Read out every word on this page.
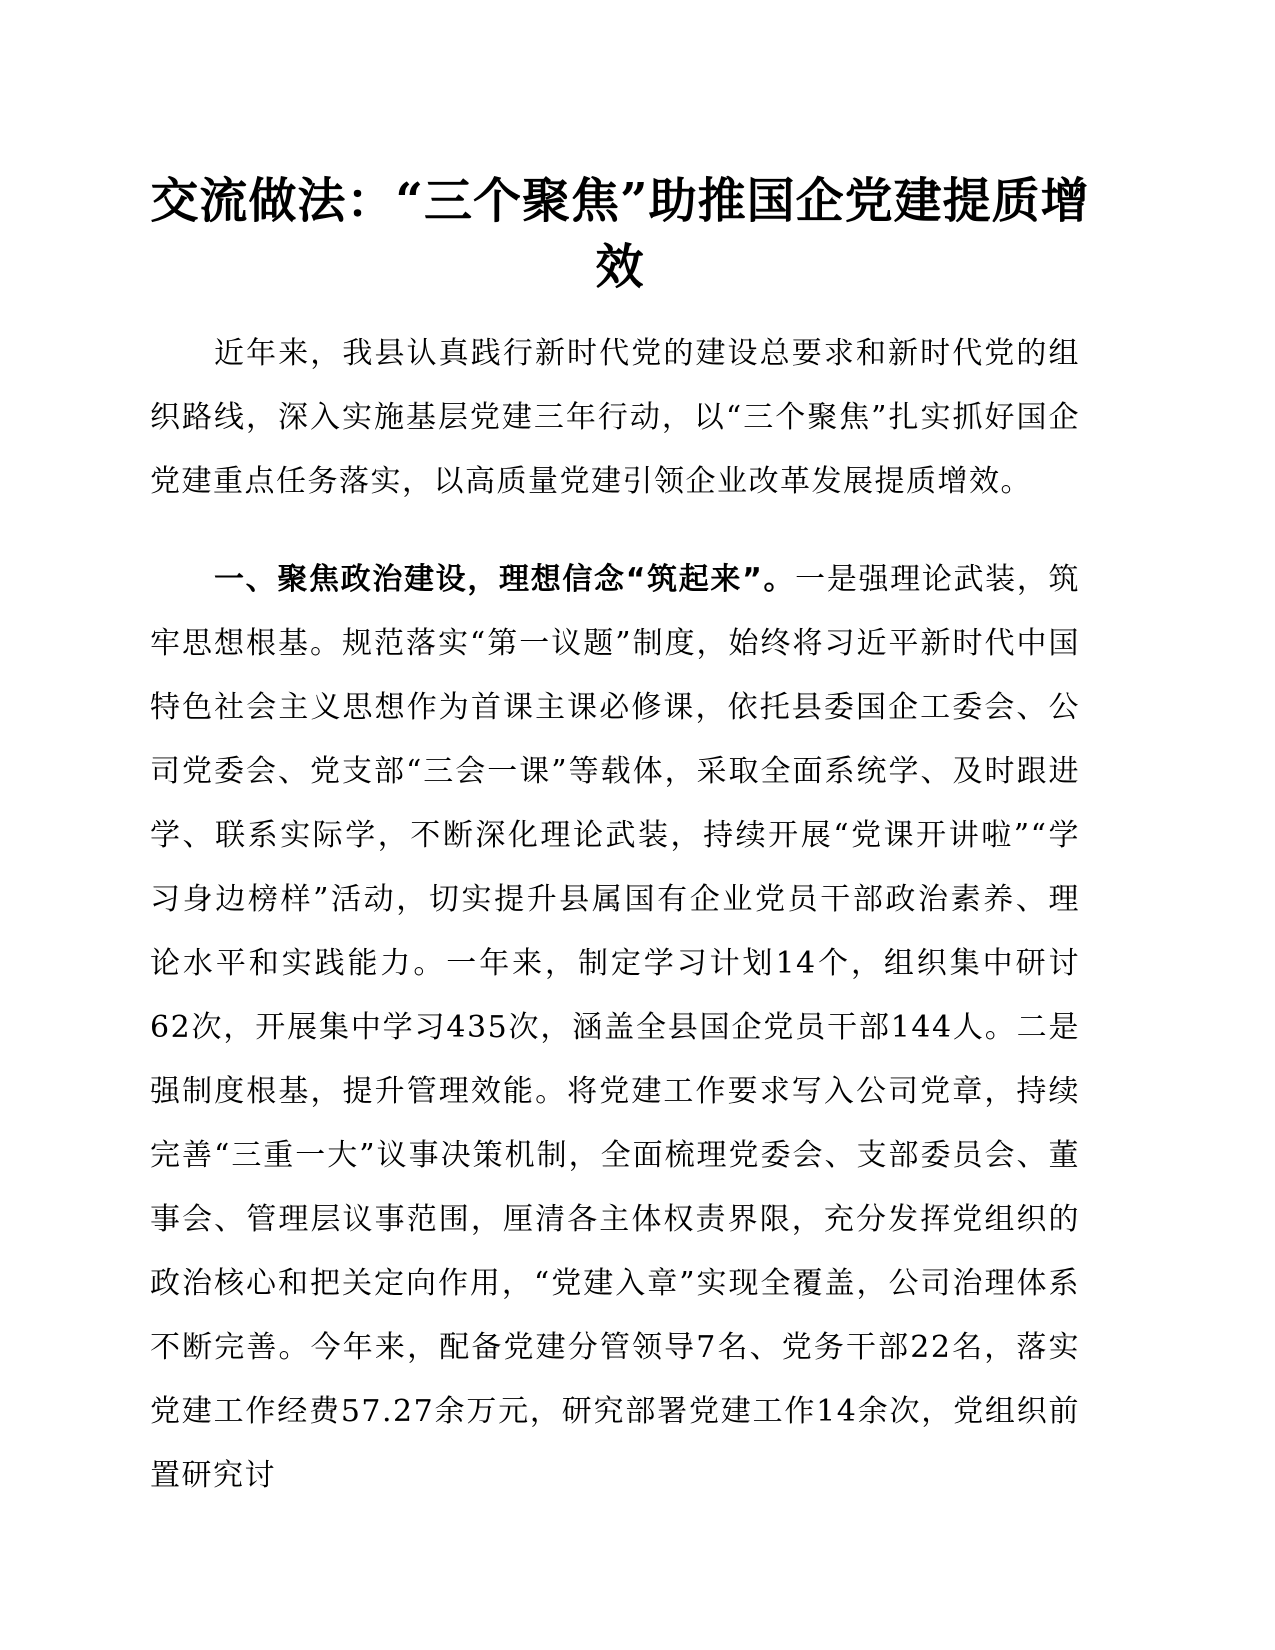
交流做法：“三个聚焦”助推国企党建提质增效

近年来，我县认真践行新时代党的建设总要求和新时代党的组织路线，深入实施基层党建三年行动，以“三个聚焦”扎实抓好国企党建重点任务落实，以高质量党建引领企业改革发展提质增效。

一、聚焦政治建设，理想信念“筑起来”。一是强理论武装，筑牢思想根基。规范落实“第一议题”制度，始终将习近平新时代中国特色社会主义思想作为首课主课必修课，依托县委国企工委会、公司党委会、党支部“三会一课”等载体，采取全面系统学、及时跟进学、联系实际学，不断深化理论武装，持续开展“党课开讲啦”“学习身边榜样”活动，切实提升县属国有企业党员干部政治素养、理论水平和实践能力。一年来，制定学习计划14个，组织集中研讨62次，开展集中学习435次，涵盖全县国企党员干部144人。二是强制度根基，提升管理效能。将党建工作要求写入公司党章，持续完善“三重一大”议事决策机制，全面梳理党委会、支部委员会、董事会、管理层议事范围，厘清各主体权责界限，充分发挥党组织的政治核心和把关定向作用，“党建入章”实现全覆盖，公司治理体系不断完善。今年来，配备党建分管领导7名、党务干部22名，落实党建工作经费57.27余万元，研究部署党建工作14余次，党组织前置研究讨
